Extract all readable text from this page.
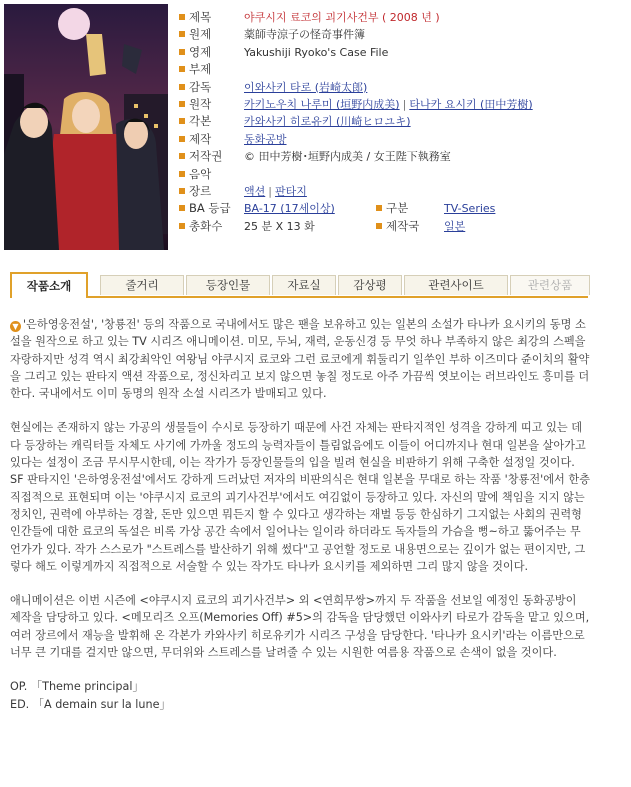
제목	야쿠시지 료코의 괴기사건부 ( 2008 년 )
원제	薬師寺涼子の怪奇事件簿
영제	Yakushiji Ryoko's Case File
부제
감독	이와사키 타로 (岩崎太郎)
원작	카키노우치 나루미 (垣野内成美) | 타나카 요시키 (田中芳樹)
각본	카와사키 히로유키 (川崎ヒロユキ)
제작	동화공방
저작권 © 田中芳樹･垣野内成美 / 女王陛下執務室
음악
장르	액션 | 판타지
BA 등급 BA-17 (17세이상)	구분	TV-Series
총화수 25 분 X 13 화	제작국 일본
작품소개	줄거리	등장인물	자료실	감상평	관련사이트	관련상품

▼ '은하영웅전설', '창룡전' 등의 작품으로 국내에서도 많은 팬을 보유하고 있는 일본의 소설가 타나카 요시키의 동명 소설을 원작으로 하고 있는 TV 시리즈 애니메이션. 미모, 두뇌, 재력, 운동신경 등 무엇 하나 부족하지 않은 최강의 스펙을 자랑하지만 성격 역시 최강최악인 여왕님 야쿠시지 료코와 그런 료코에게 휘둘리기 일쑤인 부하 이즈미다 쥰이치의 활약을 그리고 있는 판타지 액션 작품으로, 정신차리고 보지 않으면 놓칠 정도로 아주 가끔씩 엿보이는 러브라인도 흥미를 더한다. 국내에서도 이미 동명의 원작 소설 시리즈가 발매되고 있다.

현실에는 존재하지 않는 가공의 생물들이 수시로 등장하기 때문에 사건 자체는 판타지적인 성격을 강하게 띠고 있는 데다 등장하는 캐릭터들 자체도 사기에 가까울 정도의 능력자들이 틀림없음에도 이들이 어디까지나 현대 일본을 살아가고 있다는 설정이 조금 무시무시한데, 이는 작가가 등장인물들의 입을 빌려 현실을 비판하기 위해 구축한 설정일 것이다. SF 판타지인 '은하영웅전설'에서도 강하게 드러났던 저자의 비판의식은 현대 일본을 무대로 하는 작품 '창룡전'에서 한층 직접적으로 표현되며 이는 '야쿠시지 료코의 괴기사건부'에서도 여김없이 등장하고 있다. 자신의 말에 책임을 지지 않는 정치인, 권력에 아부하는 경찰, 돈만 있으면 뭐든지 할 수 있다고 생각하는 재벌 등등 한심하기 그지없는 사회의 권력형 인간들에 대한 료코의 독설은 비록 가상 공간 속에서 일어나는 일이라 하더라도 독자들의 가슴을 뻥~하고 뚫어주는 무언가가 있다. 작가 스스로가 "스트레스를 발산하기 위해 썼다"고 공언할 정도로 내용면으로는 깊이가 없는 편이지만, 그렇다 해도 이렇게까지 직접적으로 서술할 수 있는 작가도 타나카 요시키를 제외하면 그리 많지 않을 것이다.

애니메이션은 이번 시즌에 <야쿠시지 료코의 괴기사건부> 외 <연희무쌍>까지 두 작품을 선보일 예정인 동화공방이 제작을 담당하고 있다. <메모리즈 오프(Memories Off) #5>의 감독을 담당했던 이와사키 타로가 감독을 맡고 있으며, 여러 장르에서 재능을 발휘해 온 각본가 카와사키 히로유키가 시리즈 구성을 담당한다. '타나카 요시키'라는 이름만으로 너무 큰 기대를 걸지만 않으면, 무더위와 스트레스를 날려줄 수 있는 시원한 여름용 작품으로 손색이 없을 것이다.

OP. 「Theme principal」

ED. 「A demain sur la lune」
